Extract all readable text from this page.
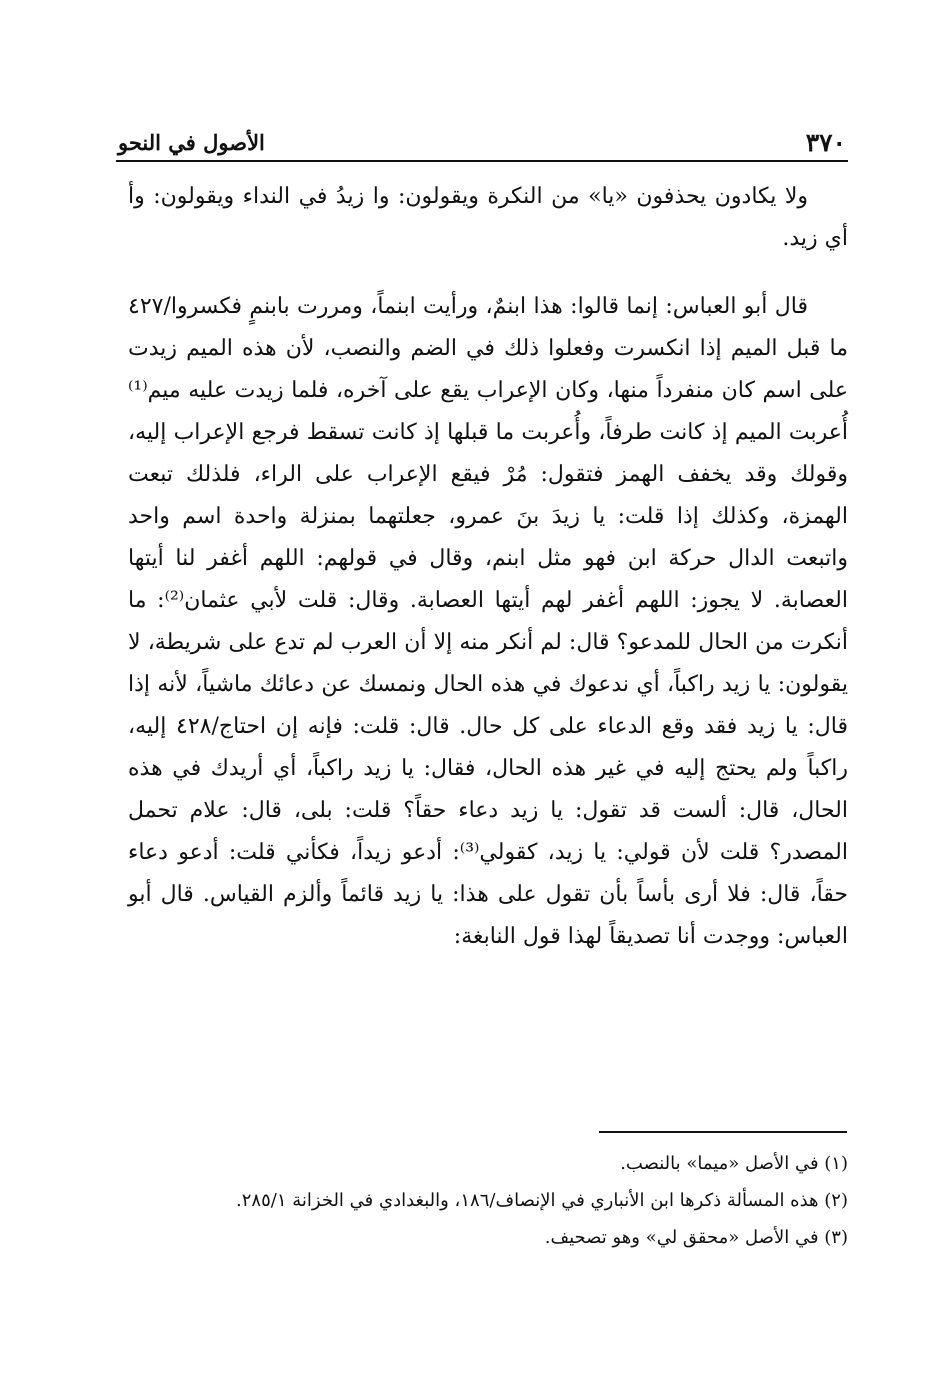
٣٧٠
الأصول في النحو

ولا يكادون يحذفون «يا» من النكرة ويقولون: وا زيدُ في النداء ويقولون: وأ أي زيد.

قال أبو العباس: إنما قالوا: هذا ابنمٌ، ورأيت ابنماً، ومررت بابنمٍ فكسروا/٤٢٧ ما قبل الميم إذا انكسرت وفعلوا ذلك في الضم والنصب، لأن هذه الميم زيدت على اسم كان منفرداً منها، وكان الإعراب يقع على آخره، فلما زيدت عليه ميم⁽¹⁾ أُعربت الميم إذ كانت طرفاً، وأُعربت ما قبلها إذ كانت تسقط فرجع الإعراب إليه، وقولك وقد يخفف الهمز فتقول: مُرْ فيقع الإعراب على الراء، فلذلك تبعت الهمزة، وكذلك إذا قلت: يا زيدَ بنَ عمرو، جعلتهما بمنزلة واحدة اسم واحد واتبعت الدال حركة ابن فهو مثل ابنم، وقال في قولهم: اللهم أغفر لنا أيتها العصابة. لا يجوز: اللهم أغفر لهم أيتها العصابة. وقال: قلت لأبي عثمان⁽²⁾: ما أنكرت من الحال للمدعو؟ قال: لم أنكر منه إلا أن العرب لم تدع على شريطة، لا يقولون: يا زيد راكباً، أي ندعوك في هذه الحال ونمسك عن دعائك ماشياً، لأنه إذا قال: يا زيد فقد وقع الدعاء على كل حال. قال: قلت: فإنه إن احتاج/٤٢٨ إليه، راكباً ولم يحتج إليه في غير هذه الحال، فقال: يا زيد راكباً، أي أريدك في هذه الحال، قال: ألست قد تقول: يا زيد دعاء حقاً؟ قلت: بلى، قال: علام تحمل المصدر؟ قلت لأن قولي: يا زيد، كقولي⁽³⁾: أدعو زيداً، فكأني قلت: أدعو دعاء حقاً، قال: فلا أرى بأساً بأن تقول على هذا: يا زيد قائماً وألزم القياس. قال أبو العباس: ووجدت أنا تصديقاً لهذا قول النابغة:

(١) في الأصل «ميما» بالنصب.

(٢) هذه المسألة ذكرها ابن الأنباري في الإنصاف/١٨٦، والبغدادي في الخزانة ٢٨٥/١.

(٣) في الأصل «محقق لي» وهو تصحيف.
